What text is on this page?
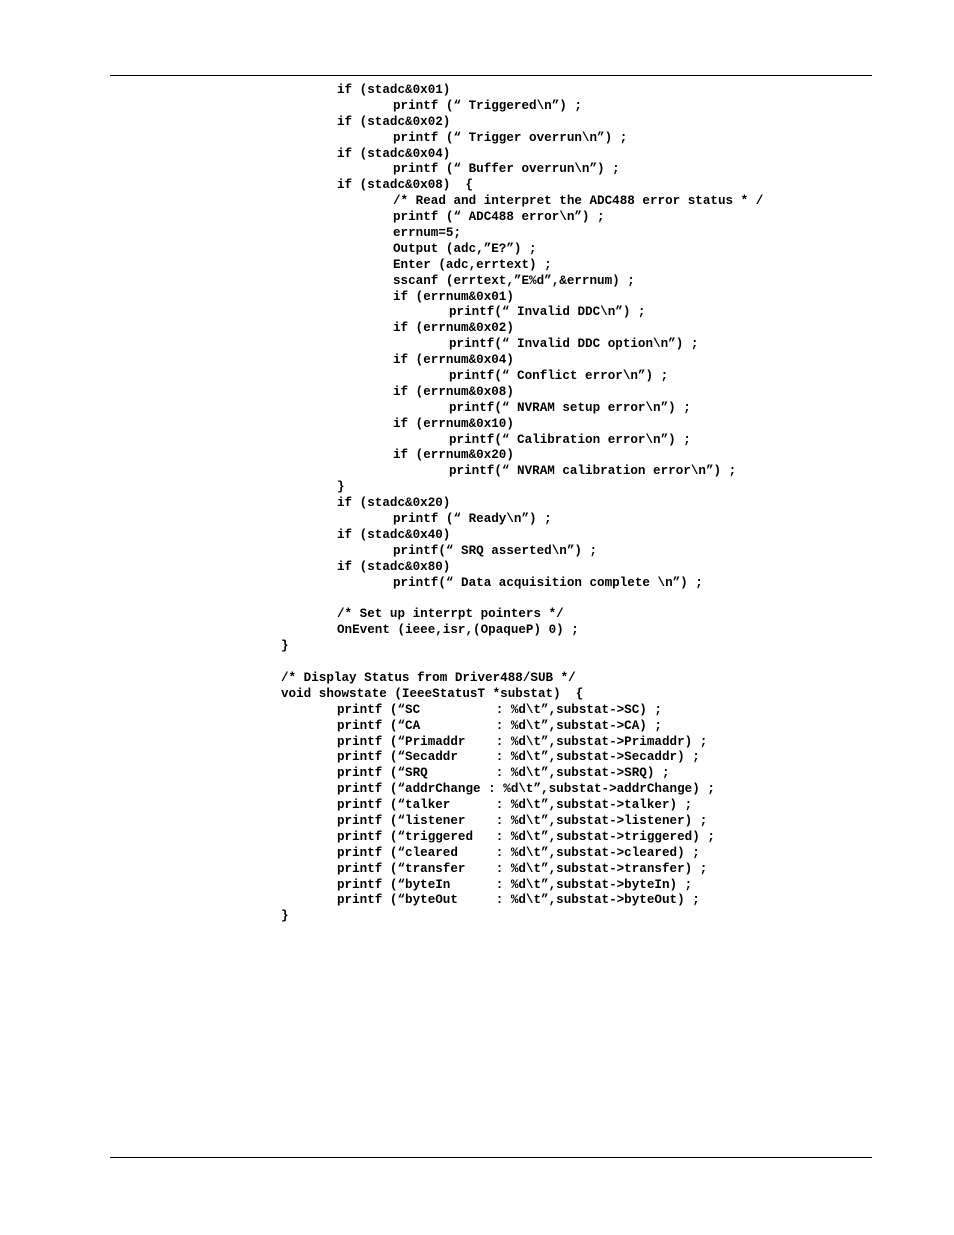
if (stadc&0x01)
printf (“ Triggered\n”) ;
if (stadc&0x02)
printf (“ Trigger overrun\n”) ;
if (stadc&0x04)
printf (“ Buffer overrun\n”) ;
if (stadc&0x08)  {
/* Read and interpret the ADC488 error status * /
printf (“ ADC488 error\n”) ;
errnum=5;
Output (adc,”E?”) ;
Enter (adc,errtext) ;
sscanf (errtext,”E%d”,&errnum) ;
if (errnum&0x01)
printf(“ Invalid DDC\n”) ;
if (errnum&0x02)
printf(“ Invalid DDC option\n”) ;
if (errnum&0x04)
printf(“ Conflict error\n”) ;
if (errnum&0x08)
printf(“ NVRAM setup error\n”) ;
if (errnum&0x10)
printf(“ Calibration error\n”) ;
if (errnum&0x20)
printf(“ NVRAM calibration error\n”) ;
}
if (stadc&0x20)
printf (“ Ready\n”) ;
if (stadc&0x40)
printf(“ SRQ asserted\n”) ;
if (stadc&0x80)
printf(“ Data acquisition complete \n”) ;
/* Set up interrpt pointers */
OnEvent (ieee,isr,(OpaqueP) 0) ;
}
/* Display Status from Driver488/SUB */
void showstate (IeeeStatusT *substat)  {
printf (“SC          : %d\t”,substat->SC) ;
printf (“CA          : %d\t”,substat->CA) ;
printf (“Primaddr    : %d\t”,substat->Primaddr) ;
printf (“Secaddr     : %d\t”,substat->Secaddr) ;
printf (“SRQ         : %d\t”,substat->SRQ) ;
printf (“addrChange : %d\t”,substat->addrChange) ;
printf (“talker      : %d\t”,substat->talker) ;
printf (“listener    : %d\t”,substat->listener) ;
printf (“triggered   : %d\t”,substat->triggered) ;
printf (“cleared     : %d\t”,substat->cleared) ;
printf (“transfer    : %d\t”,substat->transfer) ;
printf (“byteIn      : %d\t”,substat->byteIn) ;
printf (“byteOut     : %d\t”,substat->byteOut) ;
}
